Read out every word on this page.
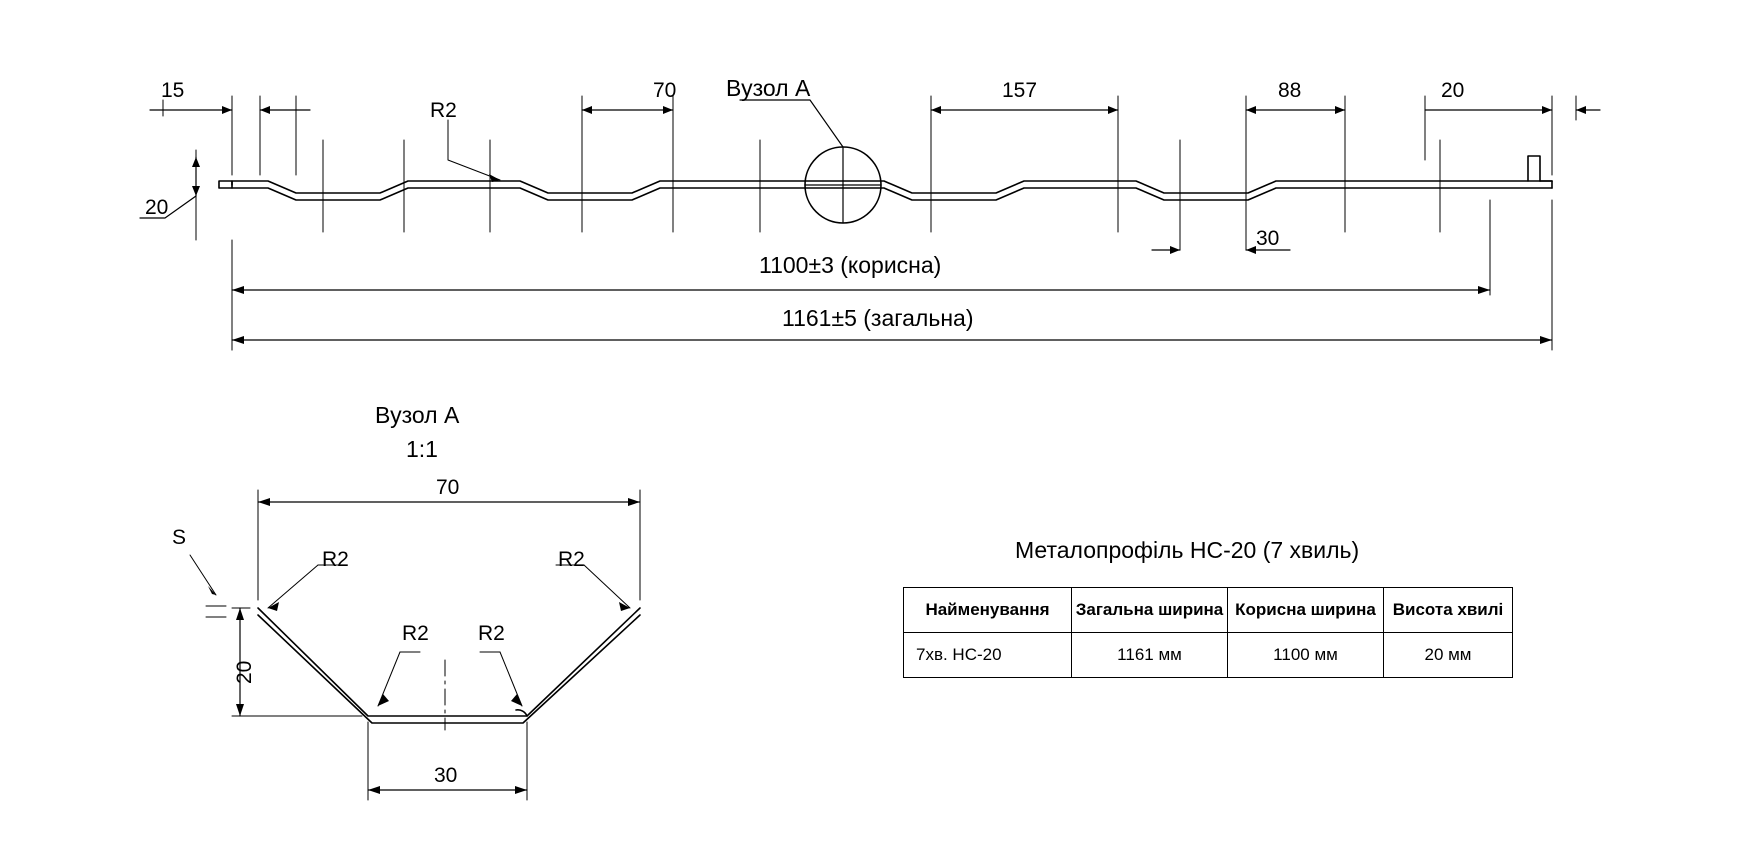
15
20
R2
70 Вузол А	157	88	20
30
1100±3 (корисна)
1161±5 (загальна)
Вузол А
1:1
70
20
30
S
R2	R2
R2 R2
Металопрофіль НС-20 (7 хвиль)
Найменування	Загальна ширина	Корисна ширина	Висота хвилі
7хв. НС-20	1161 мм	1100 мм	20 мм
